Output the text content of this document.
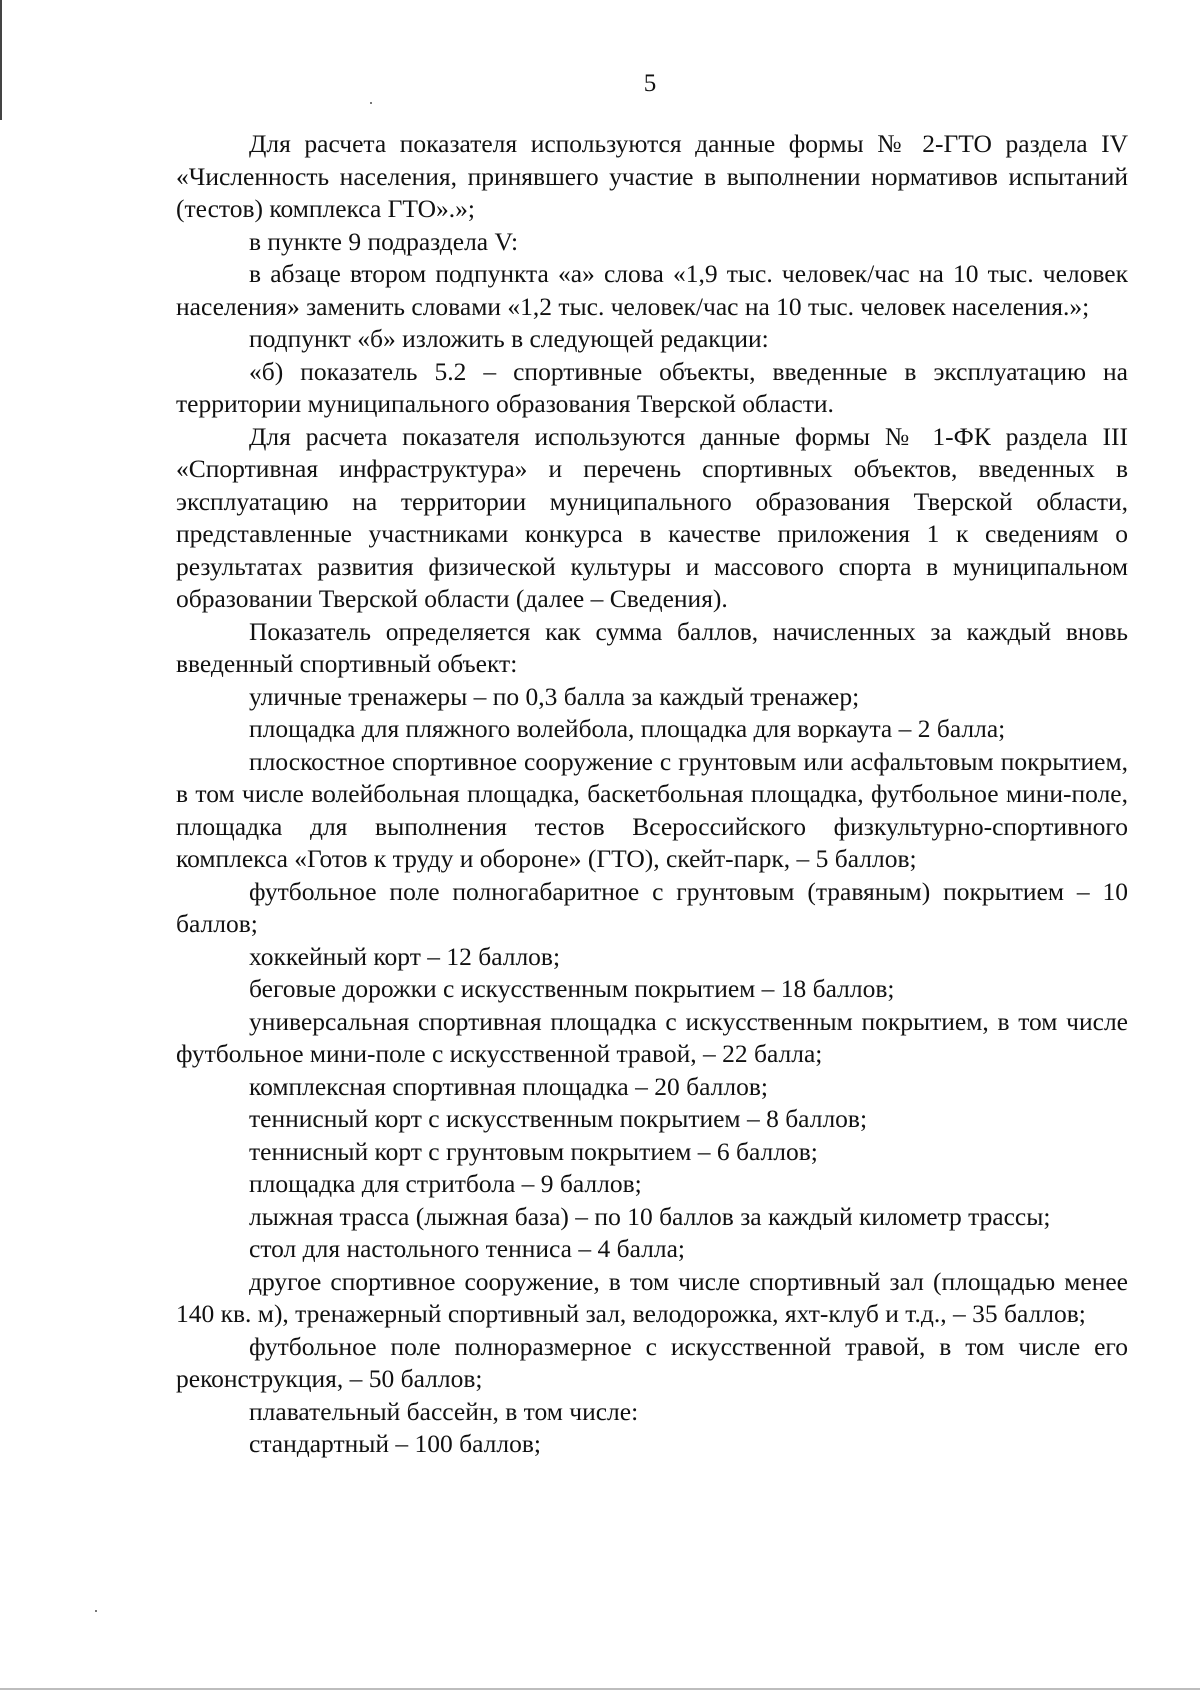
5

Для расчета показателя используются данные формы № 2-ГТО раздела IV «Численность населения, принявшего участие в выполнении нормативов испытаний (тестов) комплекса ГТО».»;

в пункте 9 подраздела V:

в абзаце втором подпункта «а» слова «1,9 тыс. человек/час на 10 тыс. человек населения» заменить словами «1,2 тыс. человек/час на 10 тыс. человек населения.»;

подпункт «б» изложить в следующей редакции:

«б) показатель 5.2 – спортивные объекты, введенные в эксплуатацию на территории муниципального образования Тверской области.

Для расчета показателя используются данные формы № 1-ФК раздела III «Спортивная инфраструктура» и перечень спортивных объектов, введенных в эксплуатацию на территории муниципального образования Тверской области, представленные участниками конкурса в качестве приложения 1 к сведениям о результатах развития физической культуры и массового спорта в муниципальном образовании Тверской области (далее – Сведения).

Показатель определяется как сумма баллов, начисленных за каждый вновь введенный спортивный объект:

уличные тренажеры – по 0,3 балла за каждый тренажер;

площадка для пляжного волейбола, площадка для воркаута – 2 балла;

плоскостное спортивное сооружение с грунтовым или асфальтовым покрытием, в том числе волейбольная площадка, баскетбольная площадка, футбольное мини-поле, площадка для выполнения тестов Всероссийского физкультурно-спортивного комплекса «Готов к труду и обороне» (ГТО), скейт-парк, – 5 баллов;

футбольное поле полногабаритное с грунтовым (травяным) покрытием – 10 баллов;

хоккейный корт – 12 баллов;

беговые дорожки с искусственным покрытием – 18 баллов;

универсальная спортивная площадка с искусственным покрытием, в том числе футбольное мини-поле с искусственной травой, – 22 балла;

комплексная спортивная площадка – 20 баллов;

теннисный корт с искусственным покрытием – 8 баллов;

теннисный корт с грунтовым покрытием – 6 баллов;

площадка для стритбола – 9 баллов;

лыжная трасса (лыжная база) – по 10 баллов за каждый километр трассы;

стол для настольного тенниса – 4 балла;

другое спортивное сооружение, в том числе спортивный зал (площадью менее 140 кв. м), тренажерный спортивный зал, велодорожка, яхт-клуб и т.д., – 35 баллов;

футбольное поле полноразмерное с искусственной травой, в том числе его реконструкция, – 50 баллов;

плавательный бассейн, в том числе:

стандартный – 100 баллов;
